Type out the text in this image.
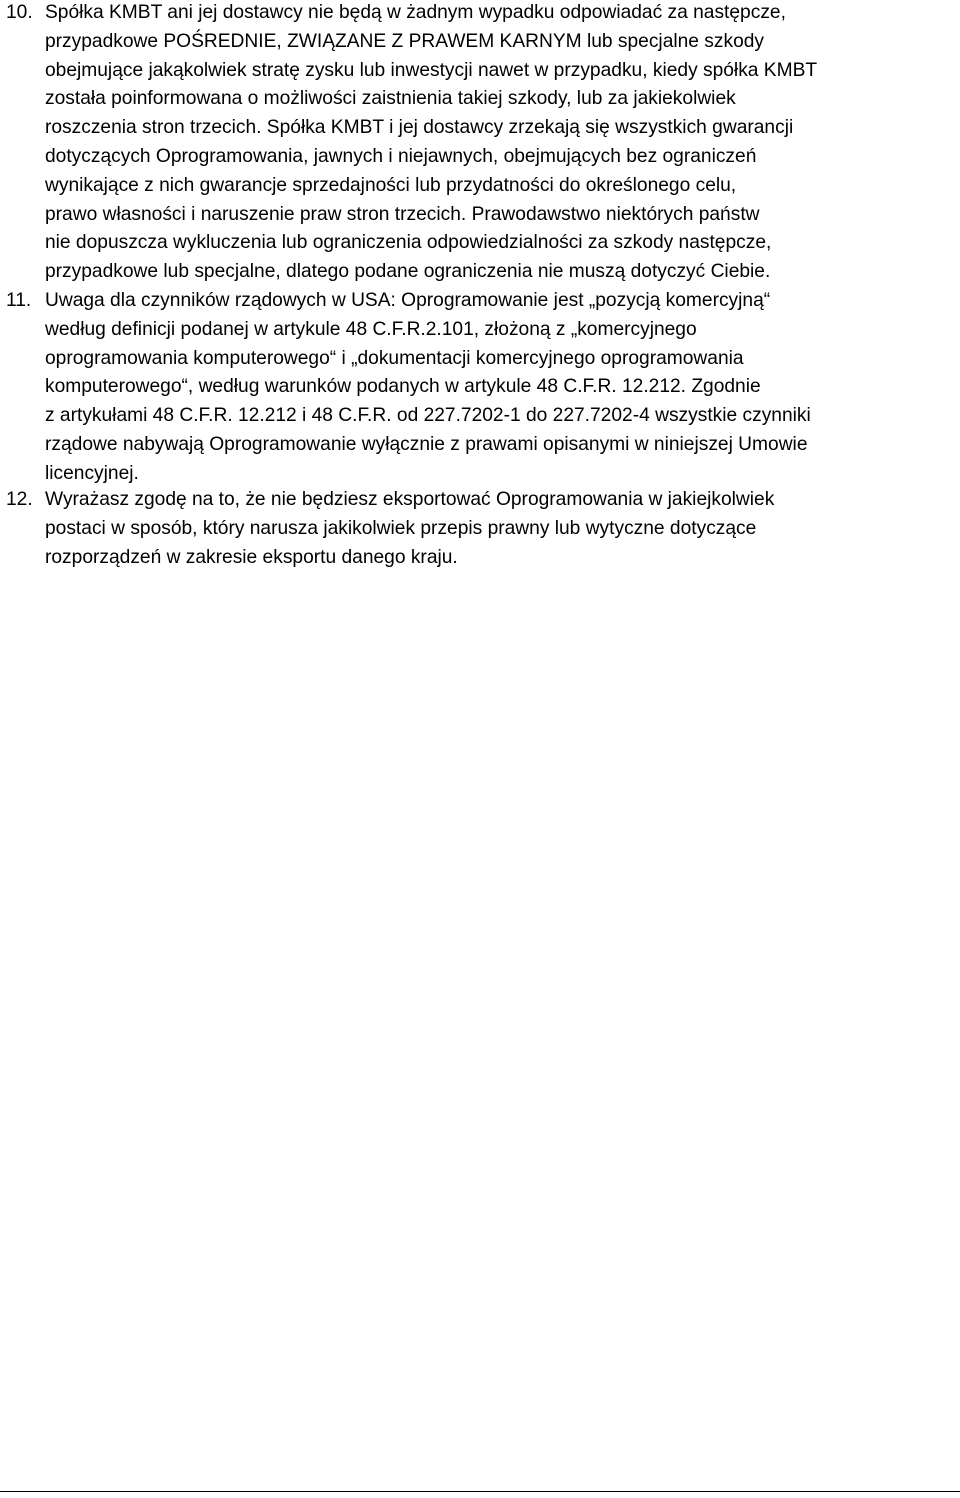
10. Spółka KMBT ani jej dostawcy nie będą w żadnym wypadku odpowiadać za następcze,
przypadkowe POŚREDNIE, ZWIĄZANE Z PRAWEM KARNYM lub specjalne szkody
obejmujące jakąkolwiek stratę zysku lub inwestycji nawet w przypadku, kiedy spółka KMBT
została poinformowana o możliwości zaistnienia takiej szkody, lub za jakiekolwiek
roszczenia stron trzecich. Spółka KMBT i jej dostawcy zrzekają się wszystkich gwarancji
dotyczących Oprogramowania, jawnych i niejawnych, obejmujących bez ograniczeń
wynikające z nich gwarancje sprzedajności lub przydatności do określonego celu,
prawo własności i naruszenie praw stron trzecich. Prawodawstwo niektórych państw
nie dopuszcza wykluczenia lub ograniczenia odpowiedzialności za szkody następcze,
przypadkowe lub specjalne, dlatego podane ograniczenia nie muszą dotyczyć Ciebie.
11. Uwaga dla czynników rządowych w USA: Oprogramowanie jest „pozycją komercyjną“
według definicji podanej w artykule 48 C.F.R.2.101, złożoną z „komercyjnego
oprogramowania komputerowego“ i „dokumentacji komercyjnego oprogramowania
komputerowego“, według warunków podanych w artykule 48 C.F.R. 12.212. Zgodnie
z artykułami 48 C.F.R. 12.212 i 48 C.F.R. od 227.7202-1 do 227.7202-4 wszystkie czynniki
rządowe nabywają Oprogramowanie wyłącznie z prawami opisanymi w niniejszej Umowie
licencyjnej.
12. Wyrażasz zgodę na to, że nie będziesz eksportować Oprogramowania w jakiejkolwiek
postaci w sposób, który narusza jakikolwiek przepis prawny lub wytyczne dotyczące
rozporządzeń w zakresie eksportu danego kraju.
